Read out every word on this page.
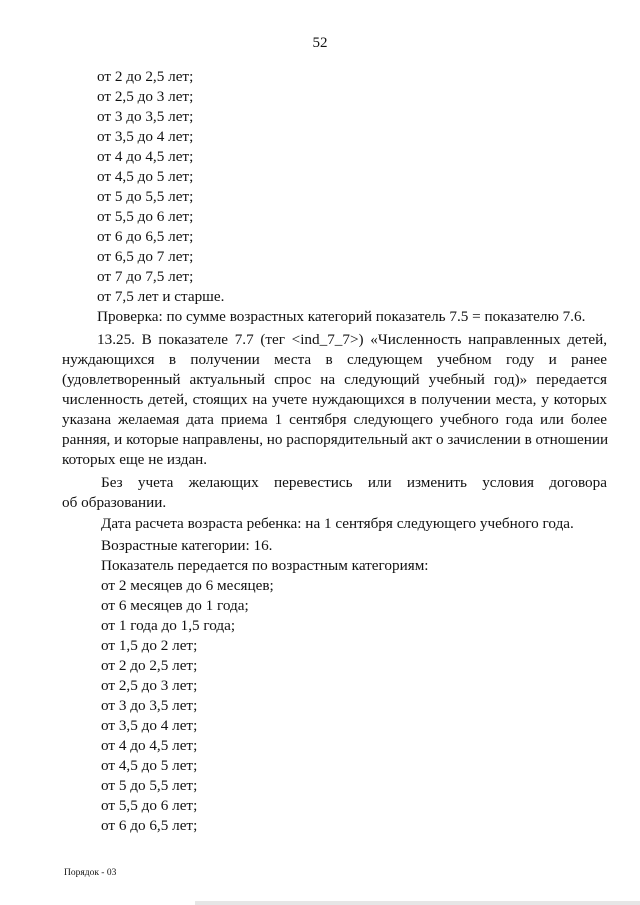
52
от 2 до 2,5 лет;
от 2,5 до 3 лет;
от 3 до 3,5 лет;
от 3,5 до 4 лет;
от 4 до 4,5 лет;
от 4,5 до 5 лет;
от 5 до 5,5 лет;
от 5,5 до 6 лет;
от 6 до 6,5 лет;
от 6,5 до 7 лет;
от 7 до 7,5 лет;
от 7,5 лет и старше.
Проверка: по сумме возрастных категорий показатель 7.5 = показателю 7.6.
13.25. В показателе 7.7 (тег <ind_7_7>) «Численность направленных детей,
нуждающихся в получении места в следующем учебном году и ранее
(удовлетворенный актуальный спрос на следующий учебный год)» передается
численность детей, стоящих на учете нуждающихся в получении места, у которых
указана желаемая дата приема 1 сентября следующего учебного года или более
ранняя, и которые направлены, но распорядительный акт о зачислении в отношении
которых еще не издан.
Без учета желающих перевестись или изменить условия договора
об образовании.
Дата расчета возраста ребенка: на 1 сентября следующего учебного года.
Возрастные категории: 16.
Показатель передается по возрастным категориям:
от 2 месяцев до 6 месяцев;
от 6 месяцев до 1 года;
от 1 года до 1,5 года;
от 1,5 до 2 лет;
от 2 до 2,5 лет;
от 2,5 до 3 лет;
от 3 до 3,5 лет;
от 3,5 до 4 лет;
от 4 до 4,5 лет;
от 4,5 до 5 лет;
от 5 до 5,5 лет;
от 5,5 до 6 лет;
от 6 до 6,5 лет;
Порядок - 03
